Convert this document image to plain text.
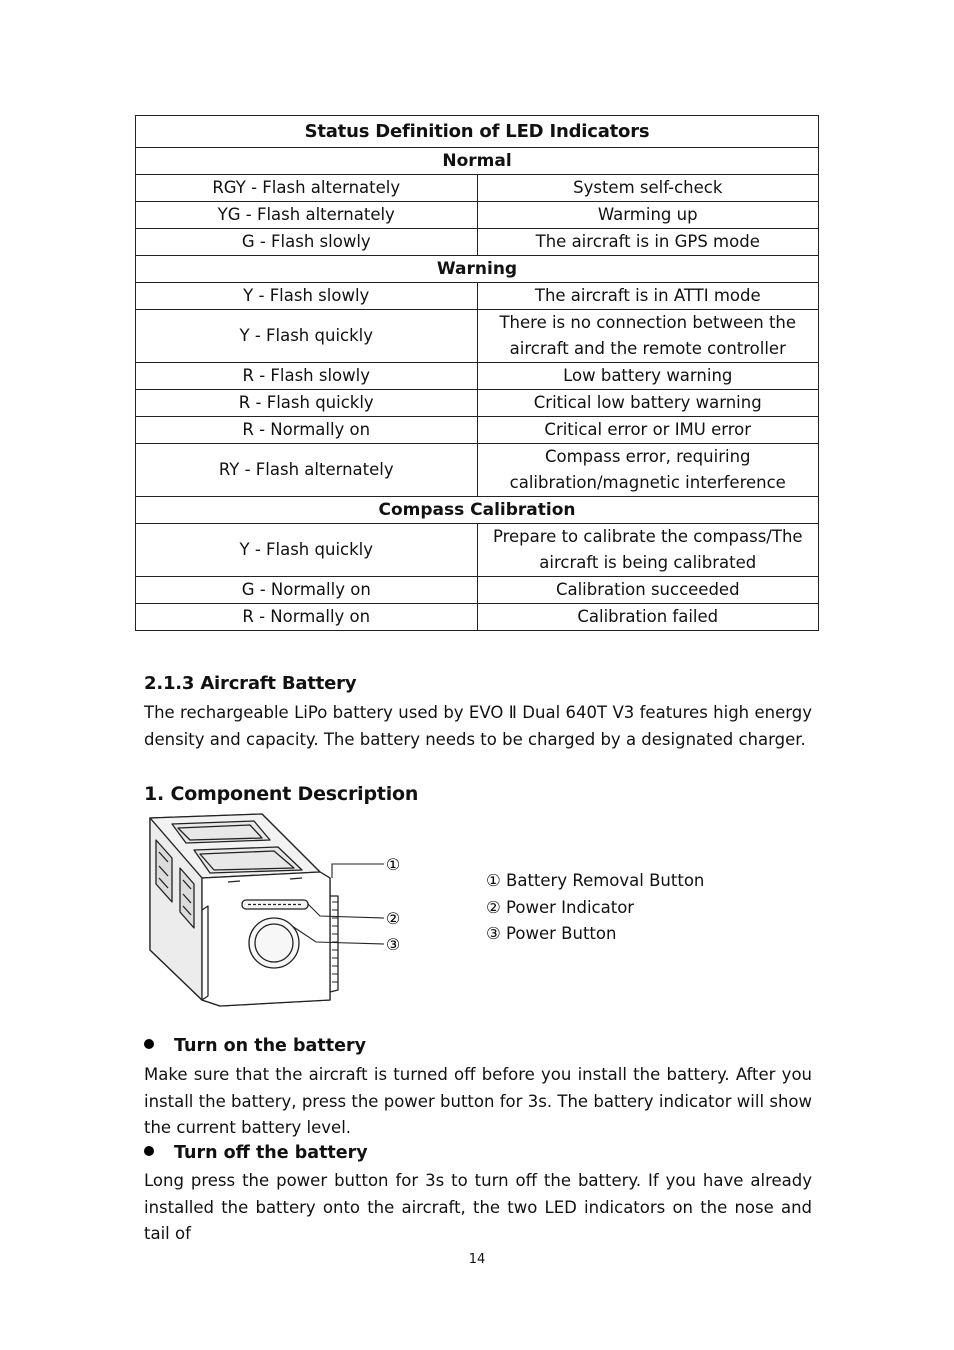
Status Definition of LED Indicators	
Normal	
RGY - Flash alternately	System self-check
YG - Flash alternately	Warming up
G - Flash slowly	The aircraft is in GPS mode
Warning	
Y - Flash slowly	The aircraft is in ATTI mode
Y - Flash quickly	There is no connection between the aircraft and the remote controller
R - Flash slowly	Low battery warning
R - Flash quickly	Critical low battery warning
R - Normally on	Critical error or IMU error
RY - Flash alternately	Compass error, requiring calibration/magnetic interference
Compass Calibration	
Y - Flash quickly	Prepare to calibrate the compass/The aircraft is being calibrated
G - Normally on	Calibration succeeded
R - Normally on	Calibration failed
2.1.3 Aircraft Battery
The rechargeable LiPo battery used by EVO Ⅱ Dual 640T V3 features high energy density and capacity. The battery needs to be charged by a designated charger.
1. Component Description
①
②
③
① Battery Removal Button
② Power Indicator
③ Power Button
Turn on the battery
Make sure that the aircraft is turned off before you install the battery. After you install the battery, press the power button for 3s. The battery indicator will show the current battery level.
Turn off the battery
Long press the power button for 3s to turn off the battery. If you have already installed the battery onto the aircraft, the two LED indicators on the nose and tail of
14
